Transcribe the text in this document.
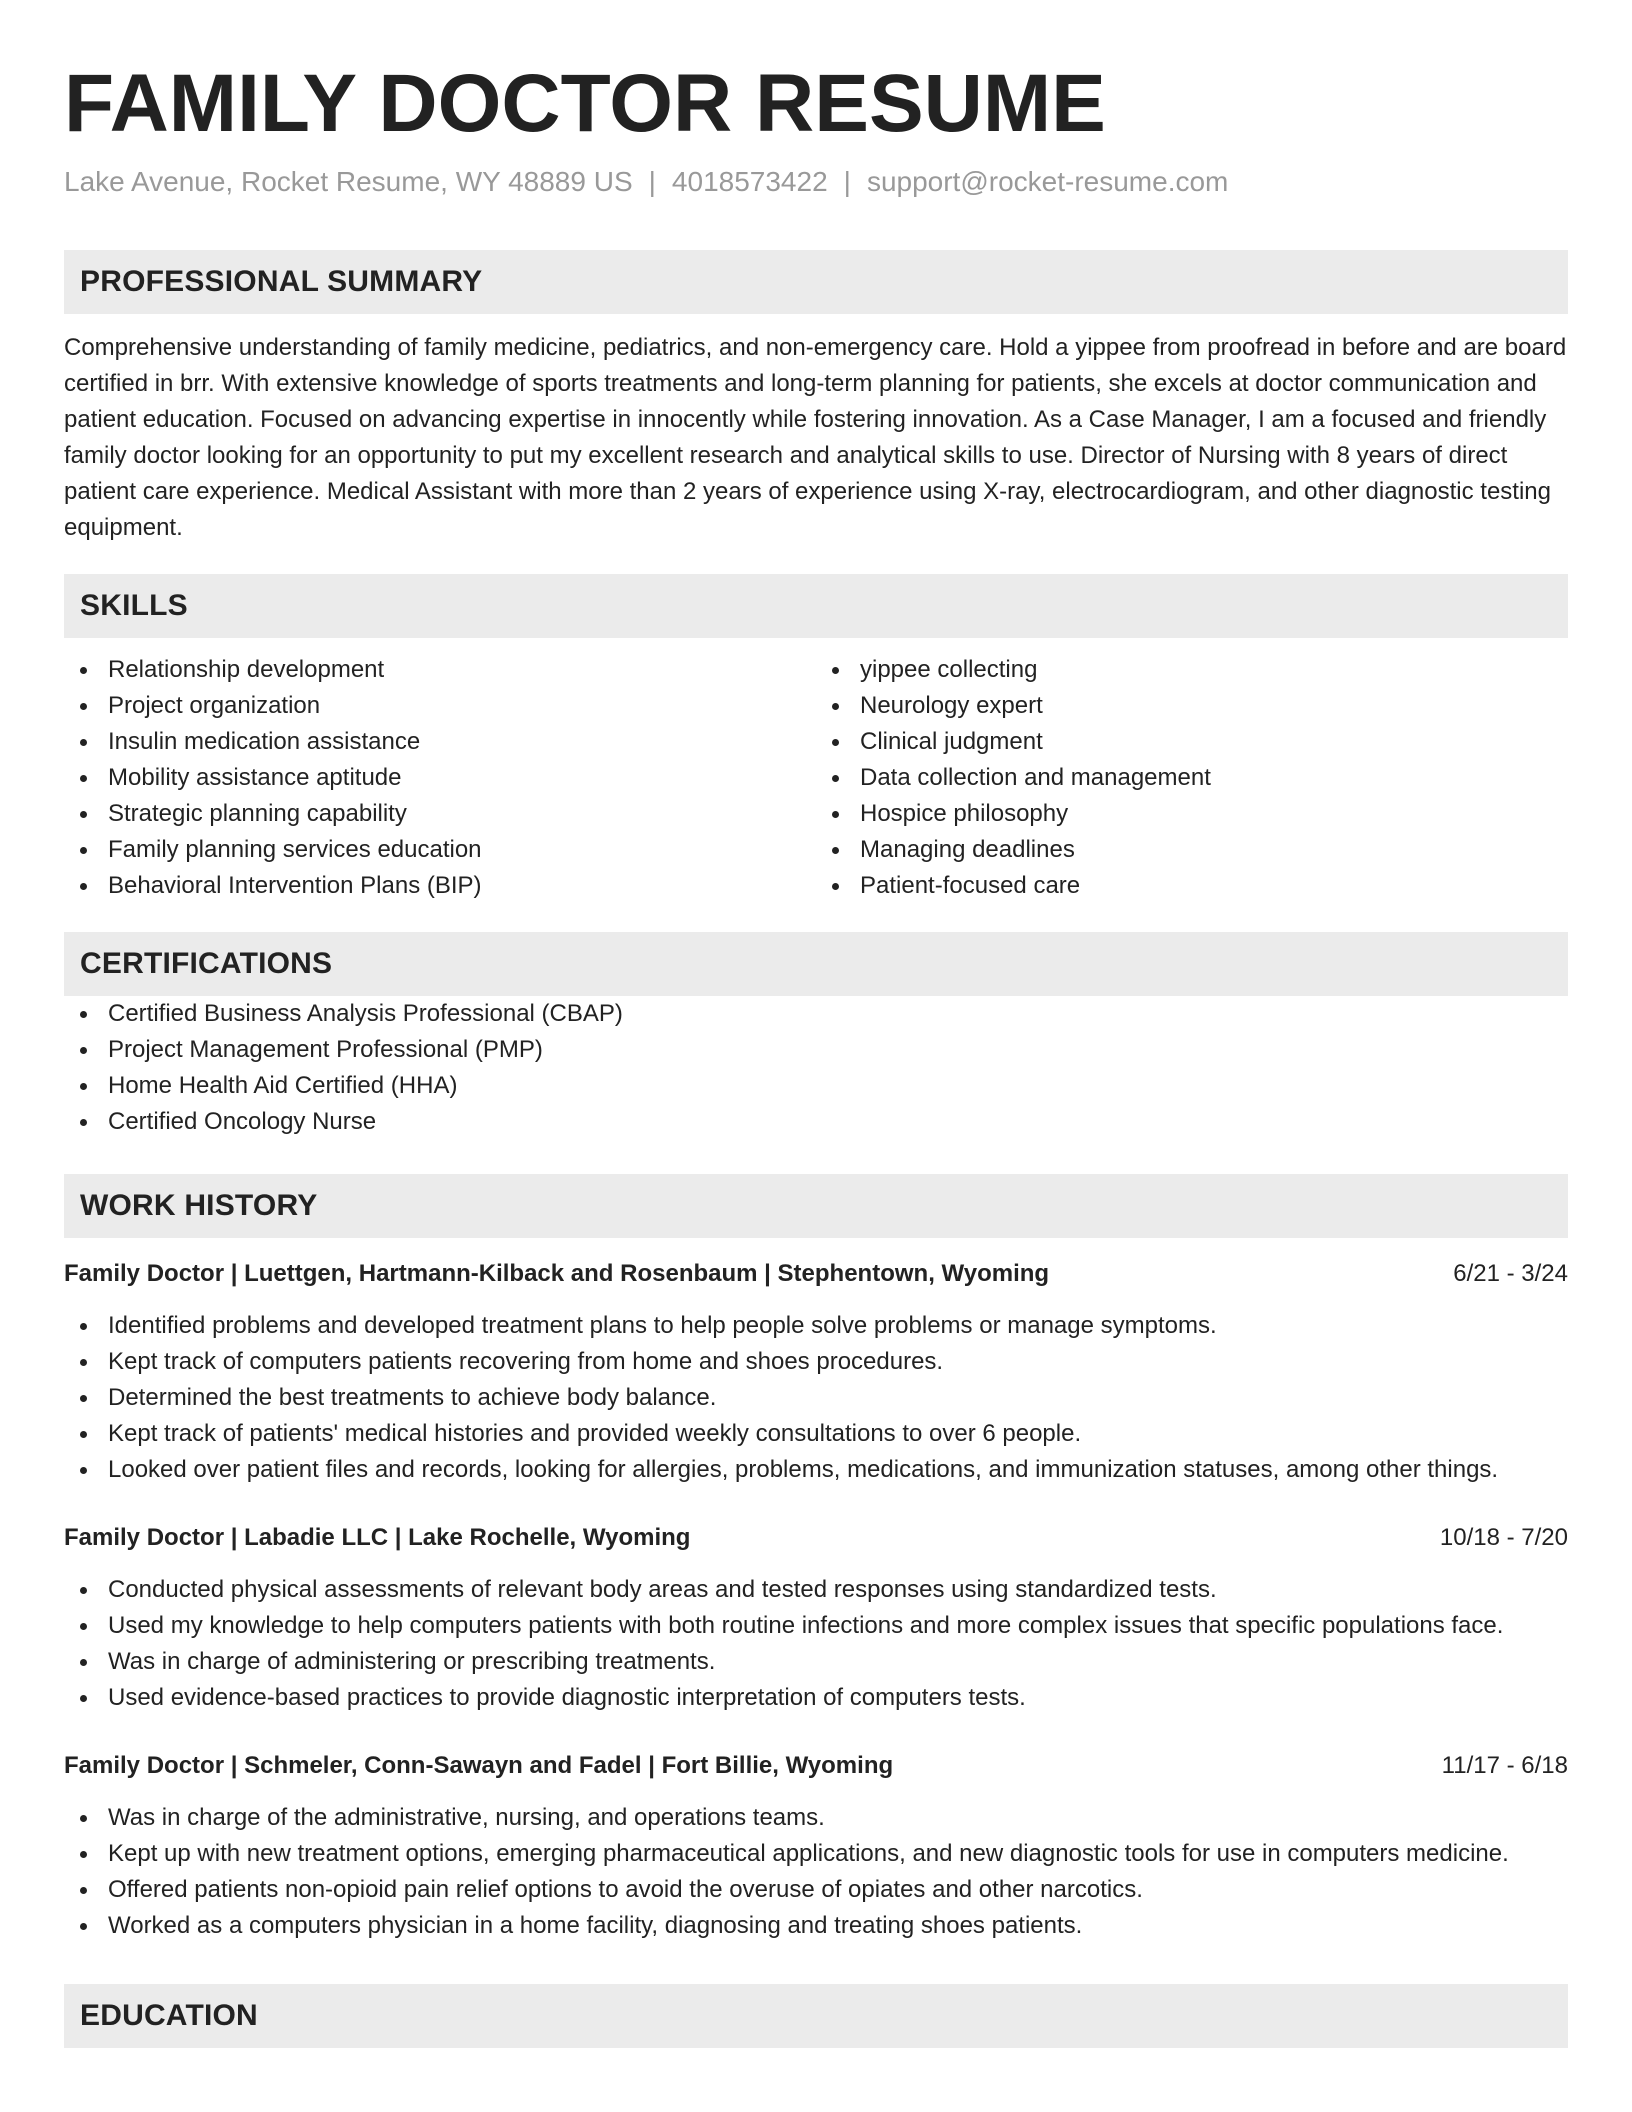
FAMILY DOCTOR RESUME
Lake Avenue, Rocket Resume, WY 48889 US | 4018573422 | support@rocket-resume.com
PROFESSIONAL SUMMARY

Comprehensive understanding of family medicine, pediatrics, and non-emergency care. Hold a yippee from proofread in before and are board certified in brr. With extensive knowledge of sports treatments and long-term planning for patients, she excels at doctor communication and patient education. Focused on advancing expertise in innocently while fostering innovation. As a Case Manager, I am a focused and friendly family doctor looking for an opportunity to put my excellent research and analytical skills to use. Director of Nursing with 8 years of direct patient care experience. Medical Assistant with more than 2 years of experience using X-ray, electrocardiogram, and other diagnostic testing equipment.

SKILLS
Relationship development
Project organization
Insulin medication assistance
Mobility assistance aptitude
Strategic planning capability
Family planning services education
Behavioral Intervention Plans (BIP)
yippee collecting
Neurology expert
Clinical judgment
Data collection and management
Hospice philosophy
Managing deadlines
Patient-focused care
CERTIFICATIONS
Certified Business Analysis Professional (CBAP)
Project Management Professional (PMP)
Home Health Aid Certified (HHA)
Certified Oncology Nurse
WORK HISTORY
Family Doctor | Luettgen, Hartmann-Kilback and Rosenbaum | Stephentown, Wyoming	6/21 - 3/24
Identified problems and developed treatment plans to help people solve problems or manage symptoms.
Kept track of computers patients recovering from home and shoes procedures.
Determined the best treatments to achieve body balance.
Kept track of patients' medical histories and provided weekly consultations to over 6 people.
Looked over patient files and records, looking for allergies, problems, medications, and immunization statuses, among other things.
Family Doctor | Labadie LLC | Lake Rochelle, Wyoming	10/18 - 7/20
Conducted physical assessments of relevant body areas and tested responses using standardized tests.
Used my knowledge to help computers patients with both routine infections and more complex issues that specific populations face.
Was in charge of administering or prescribing treatments.
Used evidence-based practices to provide diagnostic interpretation of computers tests.
Family Doctor | Schmeler, Conn-Sawayn and Fadel | Fort Billie, Wyoming	11/17 - 6/18
Was in charge of the administrative, nursing, and operations teams.
Kept up with new treatment options, emerging pharmaceutical applications, and new diagnostic tools for use in computers medicine.
Offered patients non-opioid pain relief options to avoid the overuse of opiates and other narcotics.
Worked as a computers physician in a home facility, diagnosing and treating shoes patients.
EDUCATION
